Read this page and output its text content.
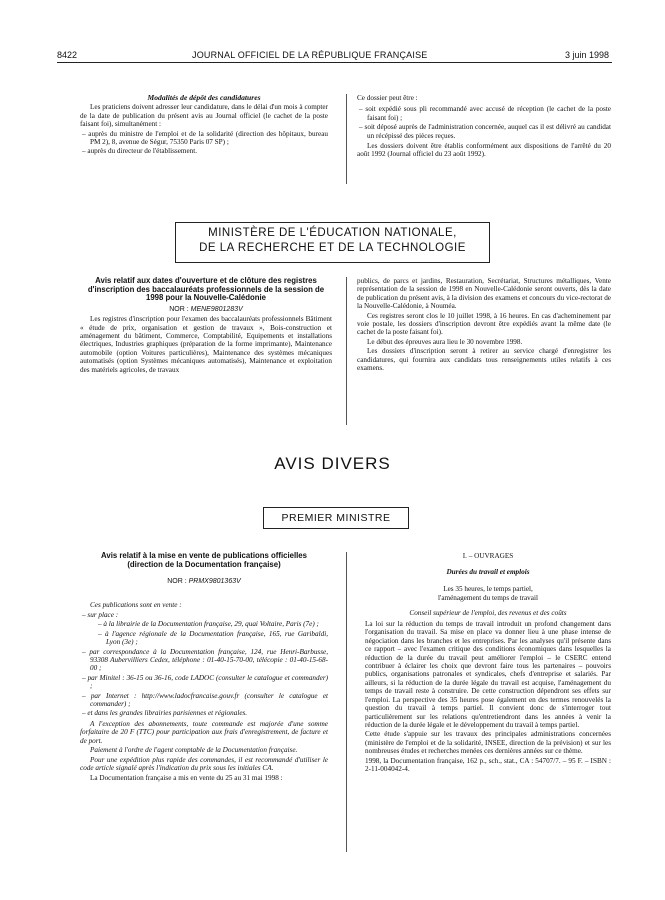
8422	JOURNAL OFFICIEL DE LA RÉPUBLIQUE FRANÇAISE	3 juin 1998

Modalités de dépôt des candidatures

Les praticiens doivent adresser leur candidature, dans le délai d'un mois à compter de la date de publication du présent avis au Journal officiel (le cachet de la poste faisant foi), simultanément :

– auprès du ministre de l'emploi et de la solidarité (direction des hôpitaux, bureau PM 2), 8, avenue de Ségur, 75350 Paris 07 SP) ;
– auprès du directeur de l'établissement.

Ce dossier peut être :

– soit expédié sous pli recommandé avec accusé de réception (le cachet de la poste faisant foi) ;
– soit déposé auprès de l'administration concernée, auquel cas il est délivré au candidat un récépissé des pièces reçues.

Les dossiers doivent être établis conformément aux dispositions de l'arrêté du 20 août 1992 (Journal officiel du 23 août 1992).

MINISTÈRE DE L'ÉDUCATION NATIONALE,
DE LA RECHERCHE ET DE LA TECHNOLOGIE

Avis relatif aux dates d'ouverture et de clôture des registres d'inscription des baccalauréats professionnels de la session de 1998 pour la Nouvelle-Calédonie

NOR : MENE9801283V

Les registres d'inscription pour l'examen des baccalauréats professionnels Bâtiment « étude de prix, organisation et gestion de travaux », Bois-construction et aménagement du bâtiment, Commerce, Comptabilité, Equipements et installations électriques, Industries graphiques (préparation de la forme imprimante), Maintenance automobile (option Voitures particulières), Maintenance des systèmes mécaniques automatisés (option Systèmes mécaniques automatisés), Maintenance et exploitation des matériels agricoles, de travaux

publics, de parcs et jardins, Restauration, Secrétariat, Structures métalliques, Vente représentation de la session de 1998 en Nouvelle-Calédonie seront ouverts, dès la date de publication du présent avis, à la division des examens et concours du vice-rectorat de la Nouvelle-Calédonie, à Nouméa.

Ces registres seront clos le 10 juillet 1998, à 16 heures. En cas d'acheminement par voie postale, les dossiers d'inscription devront être expédiés avant la même date (le cachet de la poste faisant foi).

Le début des épreuves aura lieu le 30 novembre 1998.

Les dossiers d'inscription seront à retirer au service chargé d'enregistrer les candidatures, qui fournira aux candidats tous renseignements utiles relatifs à ces examens.

AVIS DIVERS
PREMIER MINISTRE

Avis relatif à la mise en vente de publications officielles (direction de la Documentation française)

NOR : PRMX9801363V

Ces publications sont en vente :

– sur place :
– à la librairie de la Documentation française, 29, quai Voltaire, Paris (7e) ;
– à l'agence régionale de la Documentation française, 165, rue Garibaldi, Lyon (3e) ;
– par correspondance à la Documentation française, 124, rue Henri-Barbusse, 93308 Aubervilliers Cedex, téléphone : 01-40-15-70-00, télécopie : 01-40-15-68-00 ;
– par Minitel : 36-15 ou 36-16, code LADOC (consulter le catalogue et commander) ;
– par Internet : http://www.ladocfrancaise.gouv.fr (consulter le catalogue et commander) ;
– et dans les grandes librairies parisiennes et régionales.

A l'exception des abonnements, toute commande est majorée d'une somme forfaitaire de 20 F (TTC) pour participation aux frais d'enregistrement, de facture et de port.

Paiement à l'ordre de l'agent comptable de la Documentation française.

Pour une expédition plus rapide des commandes, il est recommandé d'utiliser le code article signalé après l'indication du prix sous les initiales CA.

La Documentation française a mis en vente du 25 au 31 mai 1998 :

I. – OUVRAGES

Durées du travail et emplois

Les 35 heures, le temps partiel,

l'aménagement du temps de travail

Conseil supérieur de l'emploi, des revenus et des coûts

La loi sur la réduction du temps de travail introduit un profond changement dans l'organisation du travail. Sa mise en place va donner lieu à une phase intense de négociation dans les branches et les entreprises. Par les analyses qu'il présente dans ce rapport – avec l'examen critique des conditions économiques dans lesquelles la réduction de la durée du travail peut améliorer l'emploi – le CSERC entend contribuer à éclairer les choix que devront faire tous les partenaires – pouvoirs publics, organisations patronales et syndicales, chefs d'entreprise et salariés. Par ailleurs, si la réduction de la durée légale du travail est acquise, l'aménagement du temps de travail reste à construire. De cette construction dépendront ses effets sur l'emploi. La perspective des 35 heures pose également en des termes renouvelés la question du travail à temps partiel. Il convient donc de s'interroger tout particulièrement sur les relations qu'entretiendront dans les années à venir la réduction de la durée légale et le développement du travail à temps partiel.

Cette étude s'appuie sur les travaux des principales administrations concernées (ministère de l'emploi et de la solidarité, INSEE, direction de la prévision) et sur les nombreuses études et recherches menées ces dernières années sur ce thème.

1998, la Documentation française, 162 p., sch., stat., CA : 54707/7. – 95 F. – ISBN : 2-11-004042-4.
